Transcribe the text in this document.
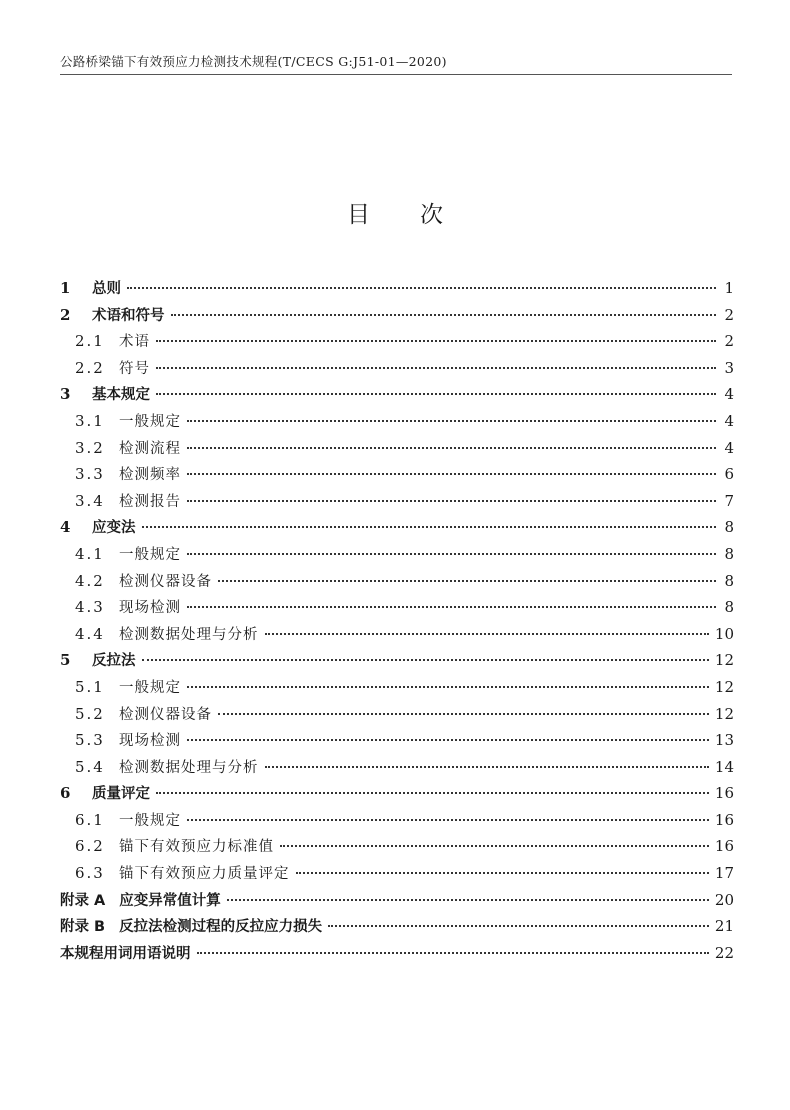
公路桥梁锚下有效预应力检测技术规程(T/CECS G:J51-01—2020)
目次
1	总则	1
2	术语和符号	2
2.1 术语	2
2.2 符号	3
3	基本规定	4
3.1 一般规定	4
3.2 检测流程	4
3.3 检测频率	6
3.4 检测报告	7
4	应变法	8
4.1 一般规定	8
4.2 检测仪器设备	8
4.3 现场检测	8
4.4 检测数据处理与分析	10
5	反拉法	12
5.1 一般规定	12
5.2 检测仪器设备	12
5.3 现场检测	13
5.4 检测数据处理与分析	14
6	质量评定	16
6.1 一般规定	16
6.2 锚下有效预应力标准值	16
6.3 锚下有效预应力质量评定	17
附录 A 应变异常值计算	20
附录 B 反拉法检测过程的反拉应力损失	21
本规程用词用语说明	22
